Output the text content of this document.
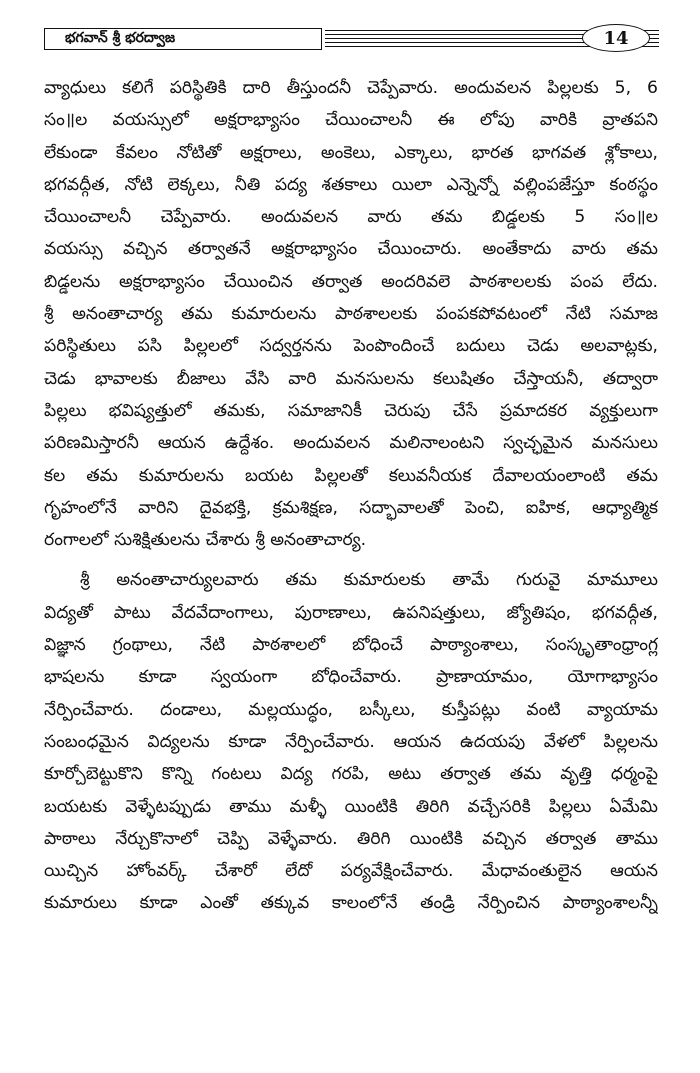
భగవాన్ శ్రీ భరద్వాజ	14
వ్యాధులు కలిగే పరిస్థితికి దారి తీస్తుందనీ చెప్పేవారు. అందువలన పిల్లలకు 5, 6
సం॥ల వయస్సులో అక్షరాభ్యాసం చేయించాలనీ ఈ లోపు వారికి వ్రాతపని
లేకుండా కేవలం నోటితో అక్షరాలు, అంకెలు, ఎక్కాలు, భారత భాగవత శ్లోకాలు,
భగవద్గీత, నోటి లెక్కలు, నీతి పద్య శతకాలు యిలా ఎన్నెన్నో వల్లింపజేస్తూ కంఠస్థం
చేయించాలనీ చెప్పేవారు. అందువలన వారు తమ బిడ్డలకు 5 సం॥ల
వయస్సు వచ్చిన తర్వాతనే అక్షరాభ్యాసం చేయించారు. అంతేకాదు వారు తమ
బిడ్డలను అక్షరాభ్యాసం చేయించిన తర్వాత అందరివలె పాఠశాలలకు పంప లేదు.
శ్రీ అనంతాచార్య తమ కుమారులను పాఠశాలలకు పంపకపోవటంలో నేటి సమాజ
పరిస్థితులు పసి పిల్లలలో సద్వర్తనను పెంపొందించే బదులు చెడు అలవాట్లకు,
చెడు భావాలకు బీజాలు వేసి వారి మనసులను కలుషితం చేస్తాయనీ, తద్వారా
పిల్లలు భవిష్యత్తులో తమకు, సమాజానికీ చెరుపు చేసే ప్రమాదకర వ్యక్తులుగా
పరిణమిస్తారనీ ఆయన ఉద్దేశం. అందువలన మలినాలంటని స్వచ్ఛమైన మనసులు
కల తమ కుమారులను బయట పిల్లలతో కలువనీయక దేవాలయంలాంటి తమ
గృహంలోనే వారిని దైవభక్తి, క్రమశిక్షణ, సద్భావాలతో పెంచి, ఐహిక, ఆధ్యాత్మిక
రంగాలలో సుశిక్షితులను చేశారు శ్రీ అనంతాచార్య.
శ్రీ అనంతాచార్యులవారు తమ కుమారులకు తామే గురువై మామూలు
విద్యతో పాటు వేదవేదాంగాలు, పురాణాలు, ఉపనిషత్తులు, జ్యోతిషం, భగవద్గీత,
విజ్ఞాన గ్రంథాలు, నేటి పాఠశాలలో బోధించే పాఠ్యాంశాలు, సంస్కృతాంధ్రాంగ్ల
భాషలను కూడా స్వయంగా బోధించేవారు. ప్రాణాయామం, యోగాభ్యాసం
నేర్పించేవారు. దండాలు, మల్లయుద్ధం, బస్కీలు, కుస్తీపట్లు వంటి వ్యాయామ
సంబంధమైన విద్యలను కూడా నేర్పించేవారు. ఆయన ఉదయపు వేళలో పిల్లలను
కూర్చోబెట్టుకొని కొన్ని గంటలు విద్య గరపి, అటు తర్వాత తమ వృత్తి ధర్మంపై
బయటకు వెళ్ళేటప్పుడు తాము మళ్ళీ యింటికి తిరిగి వచ్చేసరికి పిల్లలు ఏమేమి
పాఠాలు నేర్చుకొనాలో చెప్పి వెళ్ళేవారు. తిరిగి యింటికి వచ్చిన తర్వాత తాము
యిచ్చిన హోంవర్క్ చేశారో లేదో పర్యవేక్షించేవారు. మేధావంతులైన ఆయన
కుమారులు కూడా ఎంతో తక్కువ కాలంలోనే తండ్రి నేర్పించిన పాఠ్యాంశాలన్నీ
